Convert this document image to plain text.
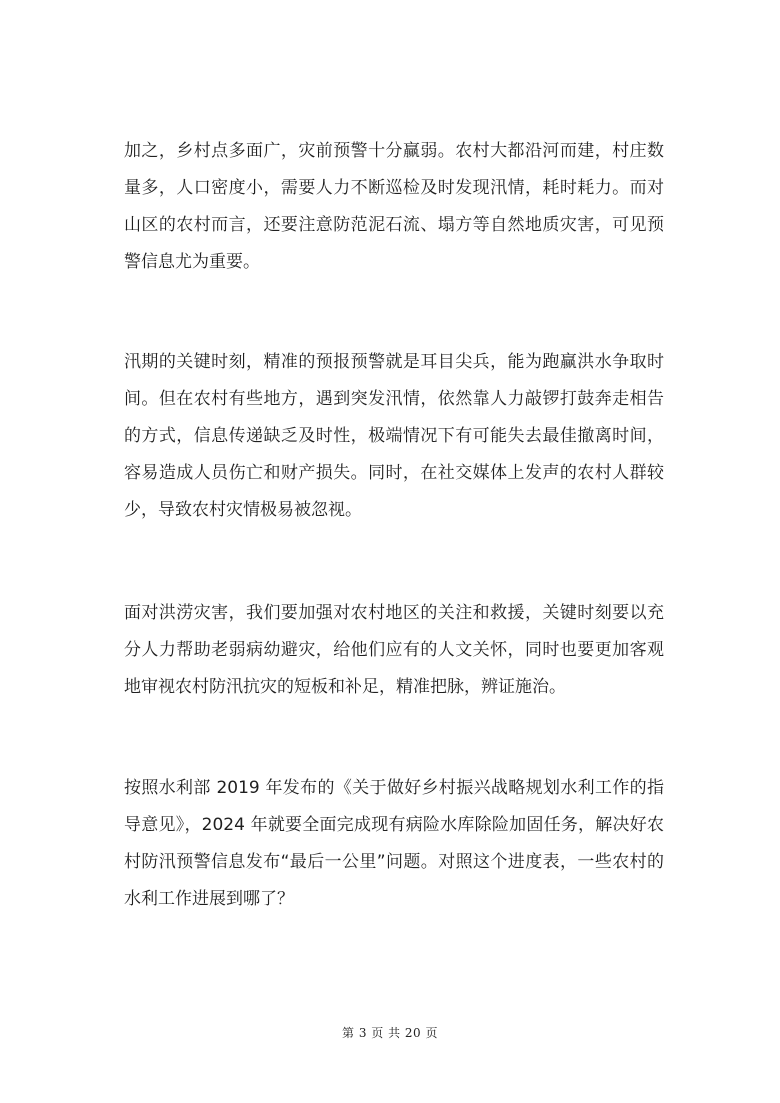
加之，乡村点多面广，灾前预警十分赢弱。农村大都沿河而建，村庄数量多，人口密度小，需要人力不断巡检及时发现汛情，耗时耗力。而对山区的农村而言，还要注意防范泥石流、塌方等自然地质灾害，可见预警信息尤为重要。

汛期的关键时刻，精准的预报预警就是耳目尖兵，能为跑赢洪水争取时间。但在农村有些地方，遇到突发汛情，依然靠人力敲锣打鼓奔走相告的方式，信息传递缺乏及时性，极端情况下有可能失去最佳撤离时间，容易造成人员伤亡和财产损失。同时，在社交媒体上发声的农村人群较少，导致农村灾情极易被忽视。

面对洪涝灾害，我们要加强对农村地区的关注和救援，关键时刻要以充分人力帮助老弱病幼避灾，给他们应有的人文关怀，同时也要更加客观地审视农村防汛抗灾的短板和补足，精准把脉，辨证施治。

按照水利部 2019 年发布的《关于做好乡村振兴战略规划水利工作的指导意见》，2024 年就要全面完成现有病险水库除险加固任务，解决好农村防汛预警信息发布“最后一公里”问题。对照这个进度表，一些农村的水利工作进展到哪了？

第 3 页 共 20 页
